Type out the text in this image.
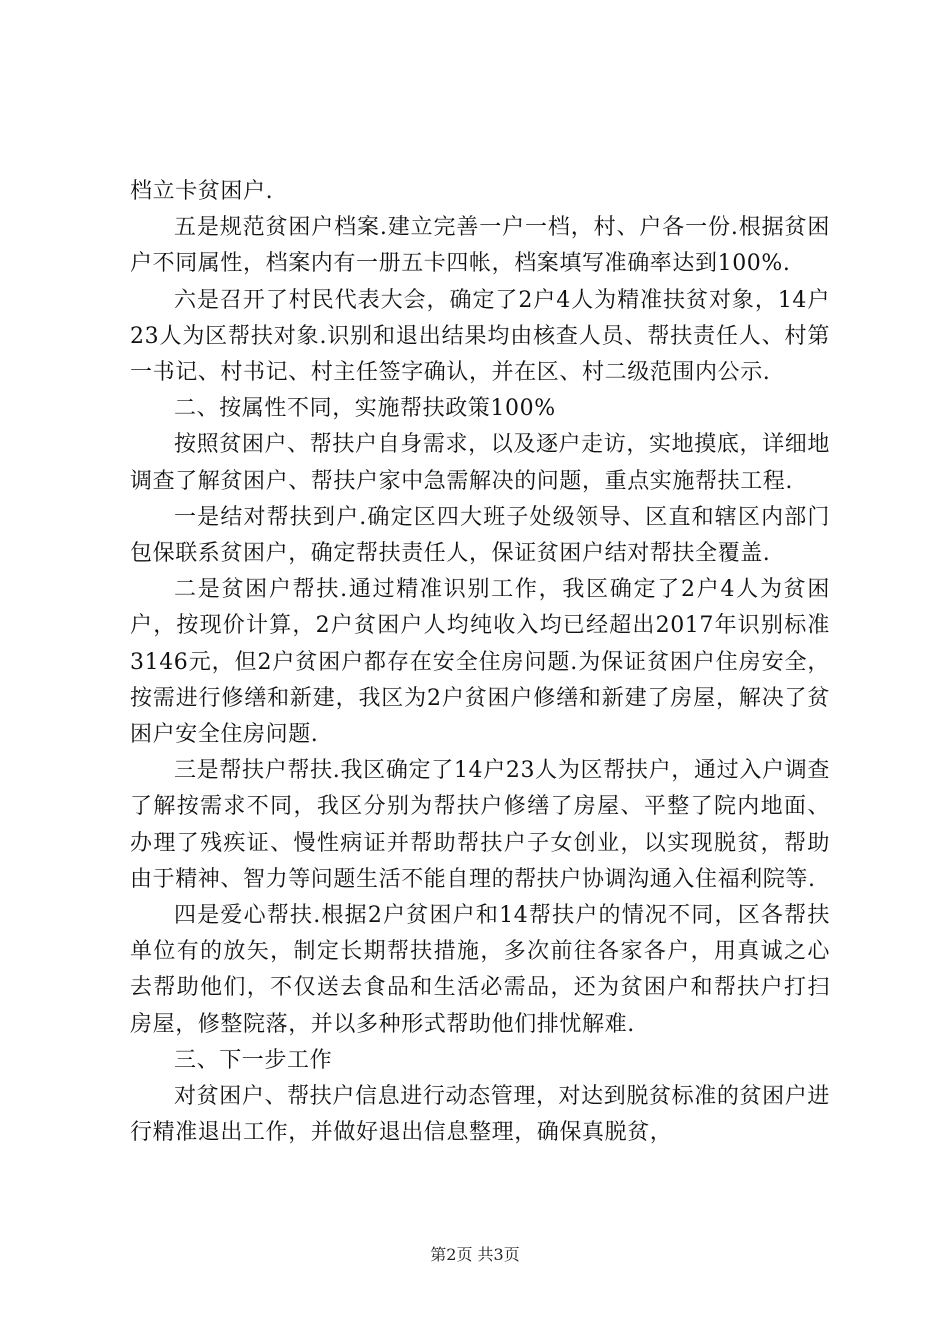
档立卡贫困户.

五是规范贫困户档案.建立完善一户一档，村、户各一份.根据贫困户不同属性，档案内有一册五卡四帐，档案填写准确率达到100%.

六是召开了村民代表大会，确定了2户4人为精准扶贫对象，14户23人为区帮扶对象.识别和退出结果均由核查人员、帮扶责任人、村第一书记、村书记、村主任签字确认，并在区、村二级范围内公示.

二、按属性不同，实施帮扶政策100%

按照贫困户、帮扶户自身需求，以及逐户走访，实地摸底，详细地调查了解贫困户、帮扶户家中急需解决的问题，重点实施帮扶工程.

一是结对帮扶到户.确定区四大班子处级领导、区直和辖区内部门包保联系贫困户，确定帮扶责任人，保证贫困户结对帮扶全覆盖.

二是贫困户帮扶.通过精准识别工作，我区确定了2户4人为贫困户，按现价计算，2户贫困户人均纯收入均已经超出2017年识别标准3146元，但2户贫困户都存在安全住房问题.为保证贫困户住房安全，按需进行修缮和新建，我区为2户贫困户修缮和新建了房屋，解决了贫困户安全住房问题.

三是帮扶户帮扶.我区确定了14户23人为区帮扶户，通过入户调查了解按需求不同，我区分别为帮扶户修缮了房屋、平整了院内地面、办理了残疾证、慢性病证并帮助帮扶户子女创业，以实现脱贫，帮助由于精神、智力等问题生活不能自理的帮扶户协调沟通入住福利院等.

四是爱心帮扶.根据2户贫困户和14帮扶户的情况不同，区各帮扶单位有的放矢，制定长期帮扶措施，多次前往各家各户，用真诚之心去帮助他们，不仅送去食品和生活必需品，还为贫困户和帮扶户打扫房屋，修整院落，并以多种形式帮助他们排忧解难.

三、下一步工作

对贫困户、帮扶户信息进行动态管理，对达到脱贫标准的贫困户进行精准退出工作，并做好退出信息整理，确保真脱贫，

第2页 共3页
